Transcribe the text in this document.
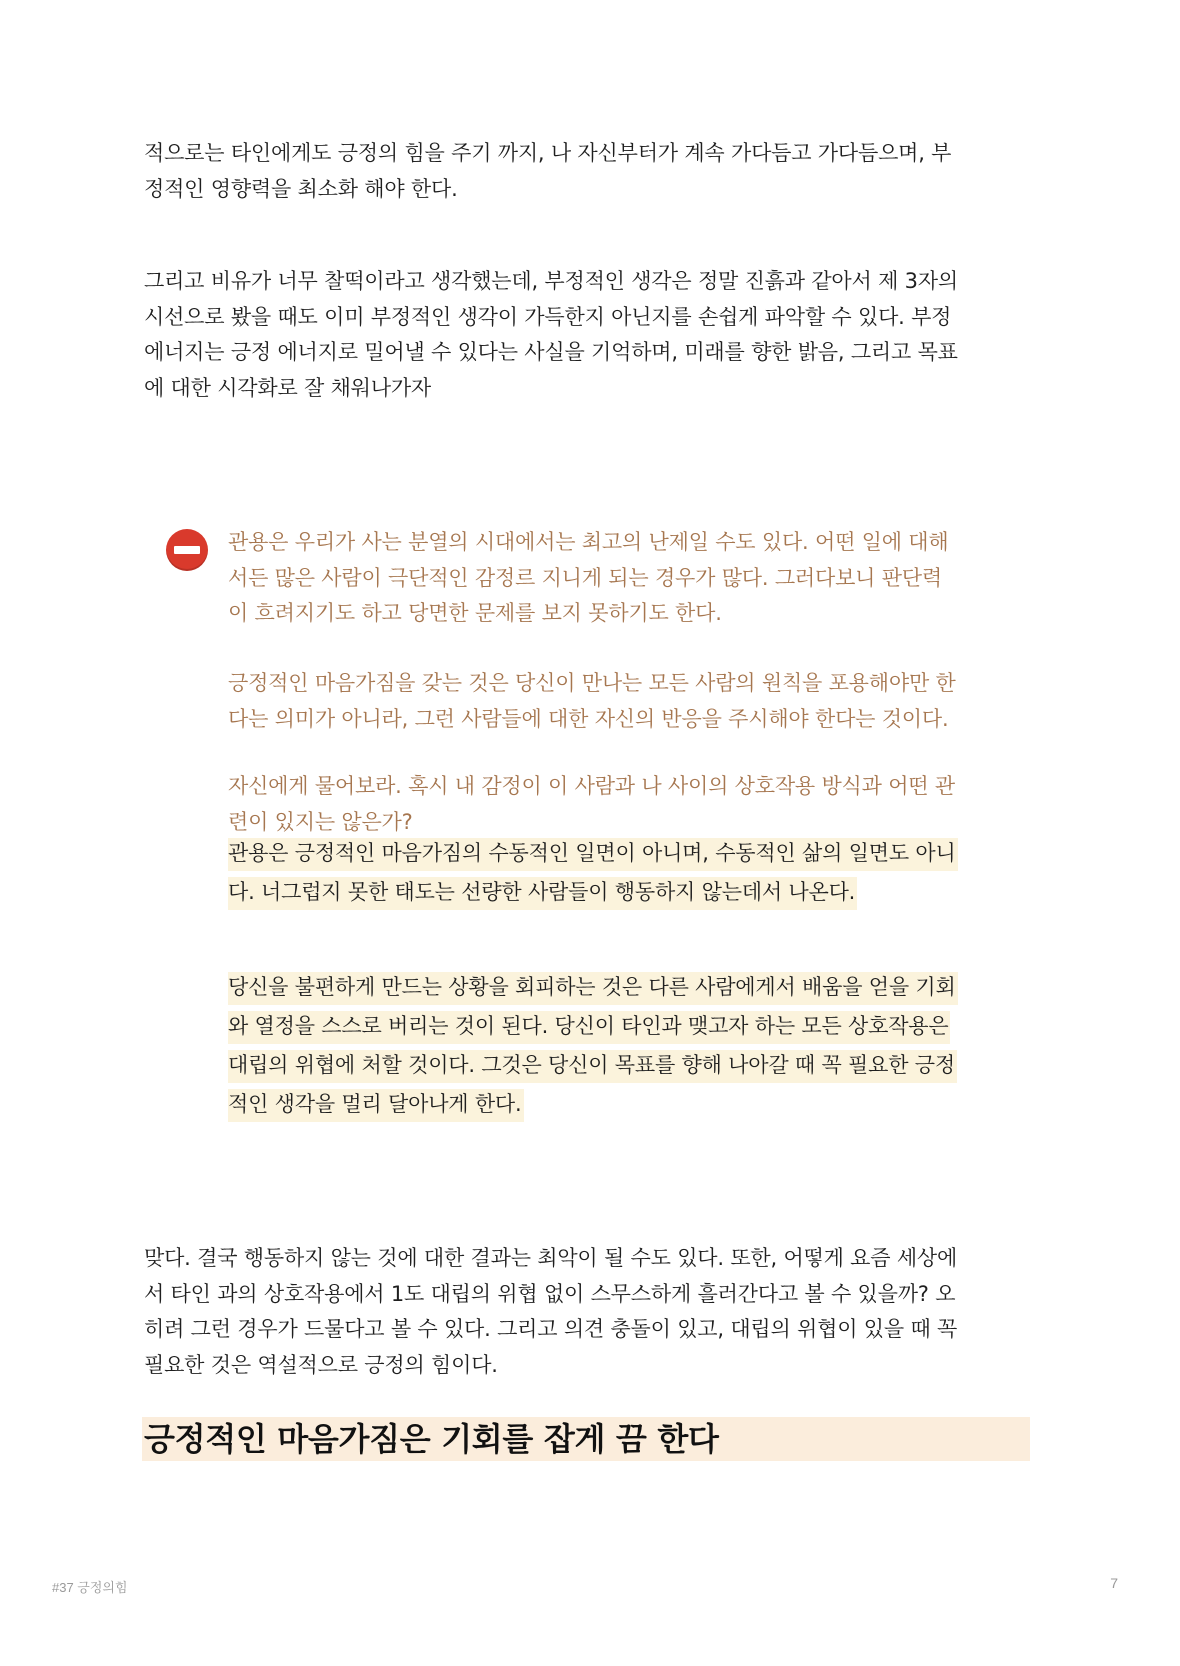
적으로는 타인에게도 긍정의 힘을 주기 까지, 나 자신부터가 계속 가다듬고 가다듬으며, 부
정적인 영향력을 최소화 해야 한다.
그리고 비유가 너무 찰떡이라고 생각했는데, 부정적인 생각은 정말 진흙과 같아서 제 3자의
시선으로 봤을 때도 이미 부정적인 생각이 가득한지 아닌지를 손쉽게 파악할 수 있다. 부정
에너지는 긍정 에너지로 밀어낼 수 있다는 사실을 기억하며, 미래를 향한 밝음, 그리고 목표
에 대한 시각화로 잘 채워나가자
관용은 우리가 사는 분열의 시대에서는 최고의 난제일 수도 있다. 어떤 일에 대해
서든 많은 사람이 극단적인 감정르 지니게 되는 경우가 많다. 그러다보니 판단력
이 흐려지기도 하고 당면한 문제를 보지 못하기도 한다.
긍정적인 마음가짐을 갖는 것은 당신이 만나는 모든 사람의 원칙을 포용해야만 한
다는 의미가 아니라, 그런 사람들에 대한 자신의 반응을 주시해야 한다는 것이다.
자신에게 물어보라. 혹시 내 감정이 이 사람과 나 사이의 상호작용 방식과 어떤 관
련이 있지는 않은가?
관용은 긍정적인 마음가짐의 수동적인 일면이 아니며, 수동적인 삶의 일면도 아니
다. 너그럽지 못한 태도는 선량한 사람들이 행동하지 않는데서 나온다.
당신을 불편하게 만드는 상황을 회피하는 것은 다른 사람에게서 배움을 얻을 기회
와 열정을 스스로 버리는 것이 된다. 당신이 타인과 맺고자 하는 모든 상호작용은
대립의 위협에 처할 것이다. 그것은 당신이 목표를 향해 나아갈 때 꼭 필요한 긍정
적인 생각을 멀리 달아나게 한다.
맞다. 결국 행동하지 않는 것에 대한 결과는 최악이 될 수도 있다. 또한, 어떻게 요즘 세상에
서 타인 과의 상호작용에서 1도 대립의 위협 없이 스무스하게 흘러간다고 볼 수 있을까? 오
히려 그런 경우가 드물다고 볼 수 있다. 그리고 의견 충돌이 있고, 대립의 위협이 있을 때 꼭
필요한 것은 역설적으로 긍정의 힘이다.
긍정적인 마음가짐은 기회를 잡게 끔 한다
#37 긍정의힘	7
